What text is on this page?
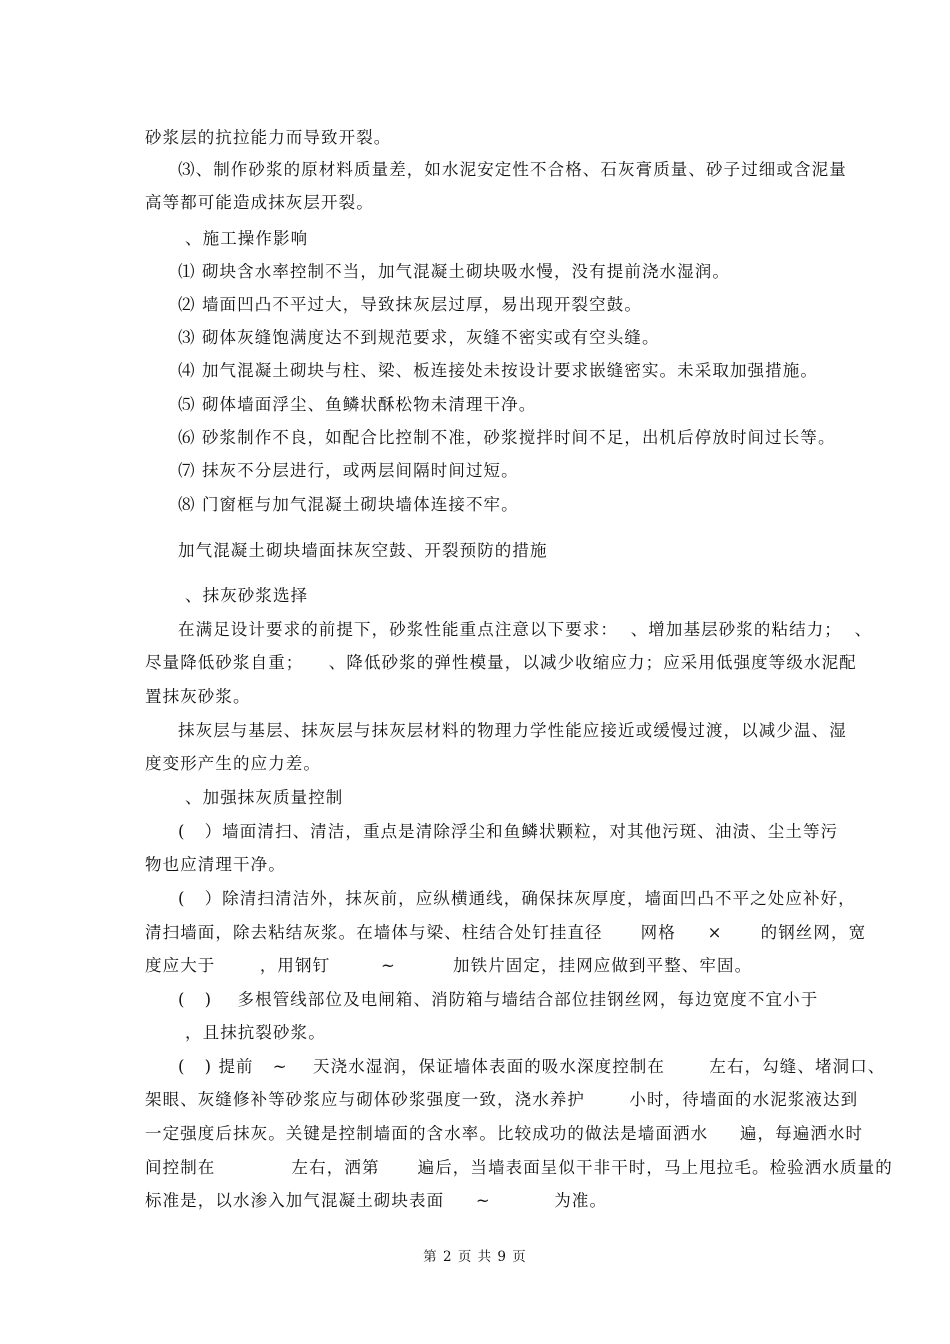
砂浆层的抗拉能力而导致开裂。
⑶、制作砂浆的原材料质量差，如水泥安定性不合格、石灰膏质量、砂子过细或含泥量
高等都可能造成抹灰层开裂。
、施工操作影响
⑴ 砌块含水率控制不当，加气混凝土砌块吸水慢，没有提前浇水湿润。
⑵ 墙面凹凸不平过大，导致抹灰层过厚，易出现开裂空鼓。
⑶ 砌体灰缝饱满度达不到规范要求，灰缝不密实或有空头缝。
⑷ 加气混凝土砌块与柱、梁、板连接处未按设计要求嵌缝密实。未采取加强措施。
⑸ 砌体墙面浮尘、鱼鳞状酥松物未清理干净。
⑹ 砂浆制作不良，如配合比控制不准，砂浆搅拌时间不足，出机后停放时间过长等。
⑺ 抹灰不分层进行，或两层间隔时间过短。
⑻ 门窗框与加气混凝土砌块墙体连接不牢。
加气混凝土砌块墙面抹灰空鼓、开裂预防的措施
、抹灰砂浆选择
在满足设计要求的前提下，砂浆性能重点注意以下要求：  、增加基层砂浆的粘结力；  、
尽量降低砂浆自重；    、降低砂浆的弹性模量，以减少收缩应力；应采用低强度等级水泥配
置抹灰砂浆。
抹灰层与基层、抹灰层与抹灰层材料的物理力学性能应接近或缓慢过渡，以减少温、湿
度变形产生的应力差。
、加强抹灰质量控制
(   ）墙面清扫、清洁，重点是清除浮尘和鱼鳞状颗粒，对其他污斑、油渍、尘土等污
物也应清理干净。
(   ）除清扫清洁外，抹灰前，应纵横通线，确保抹灰厚度，墙面凹凸不平之处应补好，
清扫墙面，除去粘结灰浆。在墙体与梁、柱结合处钉挂直径      网格     ×      的钢丝网，宽
度应大于       ，用钢钉        ~         加铁片固定，挂网应做到平整、牢固。
(   )    多根管线部位及电闸箱、消防箱与墙结合部位挂钢丝网，每边宽度不宜小于
，且抹抗裂砂浆。
(   ) 提前   ~    天浇水湿润，保证墙体表面的吸水深度控制在       左右，勾缝、堵洞口、
架眼、灰缝修补等砂浆应与砌体砂浆强度一致，浇水养护       小时，待墙面的水泥浆液达到
一定强度后抹灰。关键是控制墙面的含水率。比较成功的做法是墙面洒水     遍，每遍洒水时
间控制在            左右，洒第      遍后，当墙表面呈似干非干时，马上甩拉毛。检验洒水质量的
标准是，以水渗入加气混凝土砌块表面     ~          为准。
第 2 页 共 9 页
